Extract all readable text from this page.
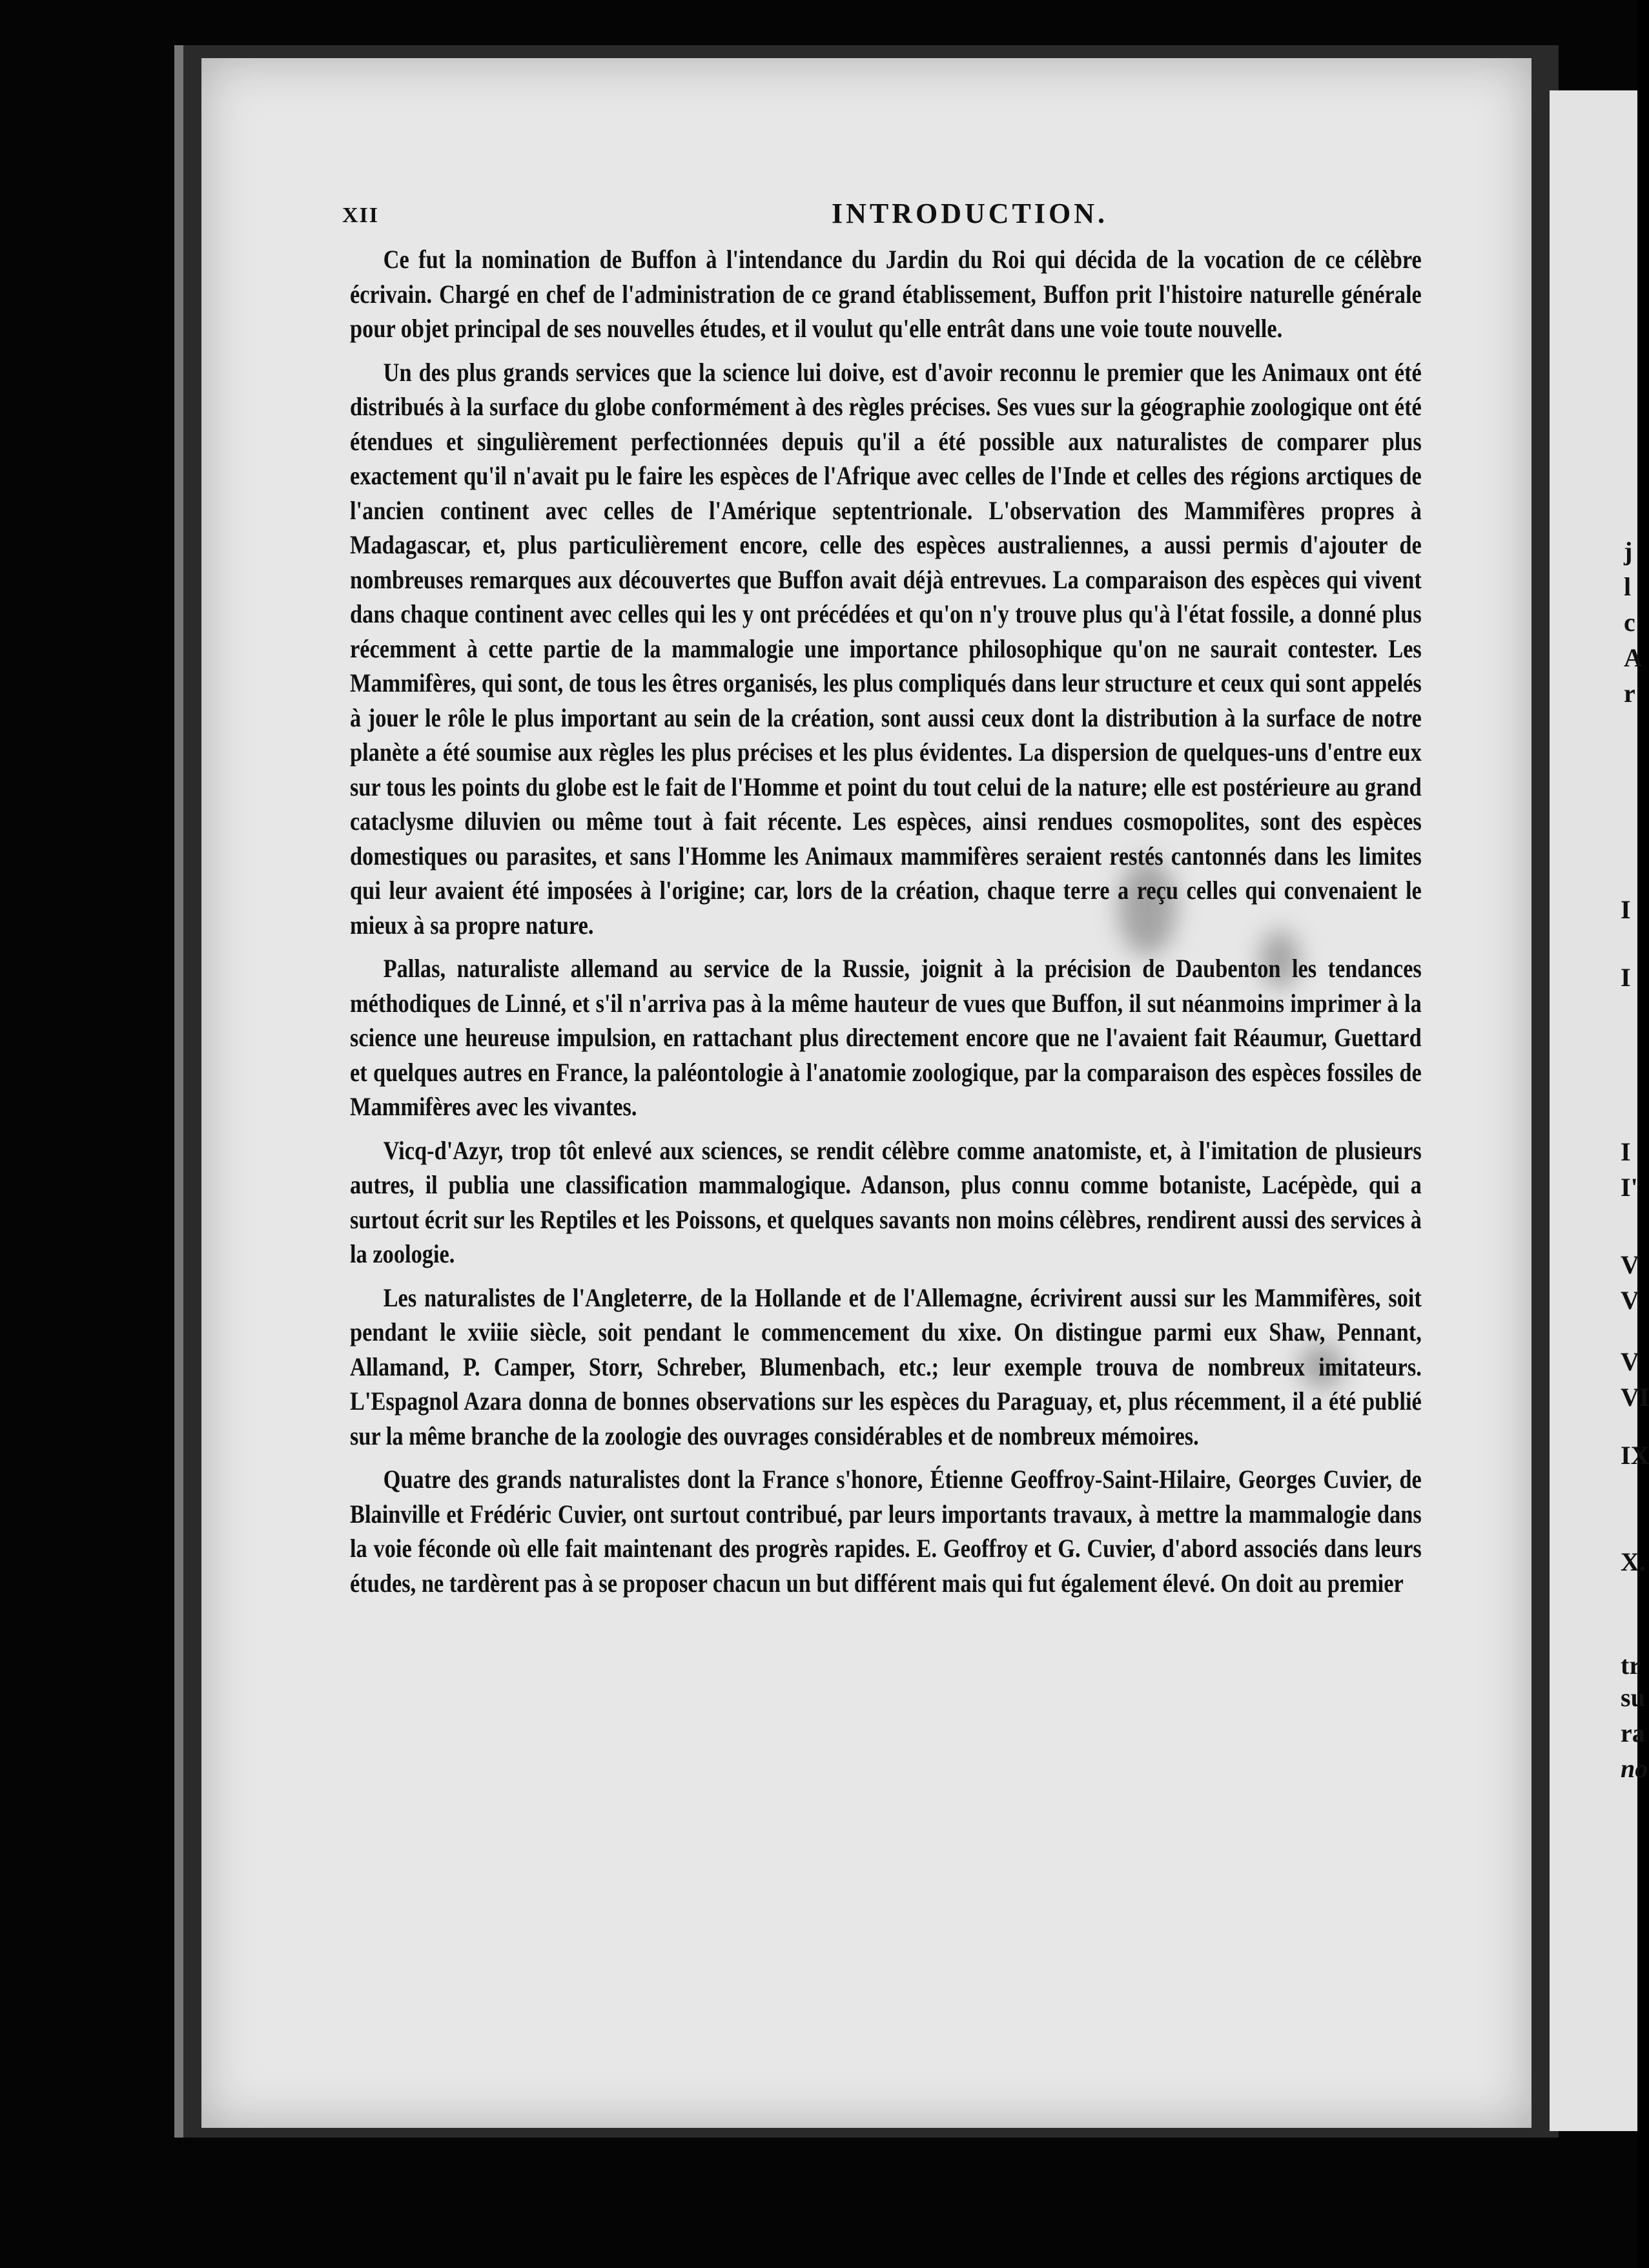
XII	INTRODUCTION.

Ce fut la nomination de Buffon à l'intendance du Jardin du Roi qui décida de la vocation de ce célèbre écrivain. Chargé en chef de l'administration de ce grand établissement, Buffon prit l'histoire naturelle générale pour objet principal de ses nouvelles études, et il voulut qu'elle entrât dans une voie toute nouvelle.

Un des plus grands services que la science lui doive, est d'avoir reconnu le premier que les Animaux ont été distribués à la surface du globe conformément à des règles précises. Ses vues sur la géographie zoologique ont été étendues et singulièrement perfectionnées depuis qu'il a été possible aux naturalistes de comparer plus exactement qu'il n'avait pu le faire les espèces de l'Afrique avec celles de l'Inde et celles des régions arctiques de l'ancien continent avec celles de l'Amérique septentrionale. L'observation des Mammifères propres à Madagascar, et, plus particulièrement encore, celle des espèces australiennes, a aussi permis d'ajouter de nombreuses remarques aux découvertes que Buffon avait déjà entrevues. La comparaison des espèces qui vivent dans chaque continent avec celles qui les y ont précédées et qu'on n'y trouve plus qu'à l'état fossile, a donné plus récemment à cette partie de la mammalogie une importance philosophique qu'on ne saurait contester. Les Mammifères, qui sont, de tous les êtres organisés, les plus compliqués dans leur structure et ceux qui sont appelés à jouer le rôle le plus important au sein de la création, sont aussi ceux dont la distribution à la surface de notre planète a été soumise aux règles les plus précises et les plus évidentes. La dispersion de quelques-uns d'entre eux sur tous les points du globe est le fait de l'Homme et point du tout celui de la nature; elle est postérieure au grand cataclysme diluvien ou même tout à fait récente. Les espèces, ainsi rendues cosmopolites, sont des espèces domestiques ou parasites, et sans l'Homme les Animaux mammifères seraient restés cantonnés dans les limites qui leur avaient été imposées à l'origine; car, lors de la création, chaque terre a reçu celles qui convenaient le mieux à sa propre nature.

Pallas, naturaliste allemand au service de la Russie, joignit à la précision de Daubenton les tendances méthodiques de Linné, et s'il n'arriva pas à la même hauteur de vues que Buffon, il sut néanmoins imprimer à la science une heureuse impulsion, en rattachant plus directement encore que ne l'avaient fait Réaumur, Guettard et quelques autres en France, la paléontologie à l'anatomie zoologique, par la comparaison des espèces fossiles de Mammifères avec les vivantes.

Vicq-d'Azyr, trop tôt enlevé aux sciences, se rendit célèbre comme anatomiste, et, à l'imitation de plusieurs autres, il publia une classification mammalogique. Adanson, plus connu comme botaniste, Lacépède, qui a surtout écrit sur les Reptiles et les Poissons, et quelques savants non moins célèbres, rendirent aussi des services à la zoologie.

Les naturalistes de l'Angleterre, de la Hollande et de l'Allemagne, écrivirent aussi sur les Mammifères, soit pendant le xviiie siècle, soit pendant le commencement du xixe. On distingue parmi eux Shaw, Pennant, Allamand, P. Camper, Storr, Schreber, Blumenbach, etc.; leur exemple trouva de nombreux imitateurs. L'Espagnol Azara donna de bonnes observations sur les espèces du Paraguay, et, plus récemment, il a été publié sur la même branche de la zoologie des ouvrages considérables et de nombreux mémoires.

Quatre des grands naturalistes dont la France s'honore, Étienne Geoffroy-Saint-Hilaire, Georges Cuvier, de Blainville et Frédéric Cuvier, ont surtout contribué, par leurs importants travaux, à mettre la mammalogie dans la voie féconde où elle fait maintenant des progrès rapides. E. Geoffroy et G. Cuvier, d'abord associés dans leurs études, ne tardèrent pas à se proposer chacun un but différent mais qui fut également élevé. On doit au premier

j
l
c
A
r
I
I
I
I'
V
V
V
VI
IX
X.
tr
su
ra
no
